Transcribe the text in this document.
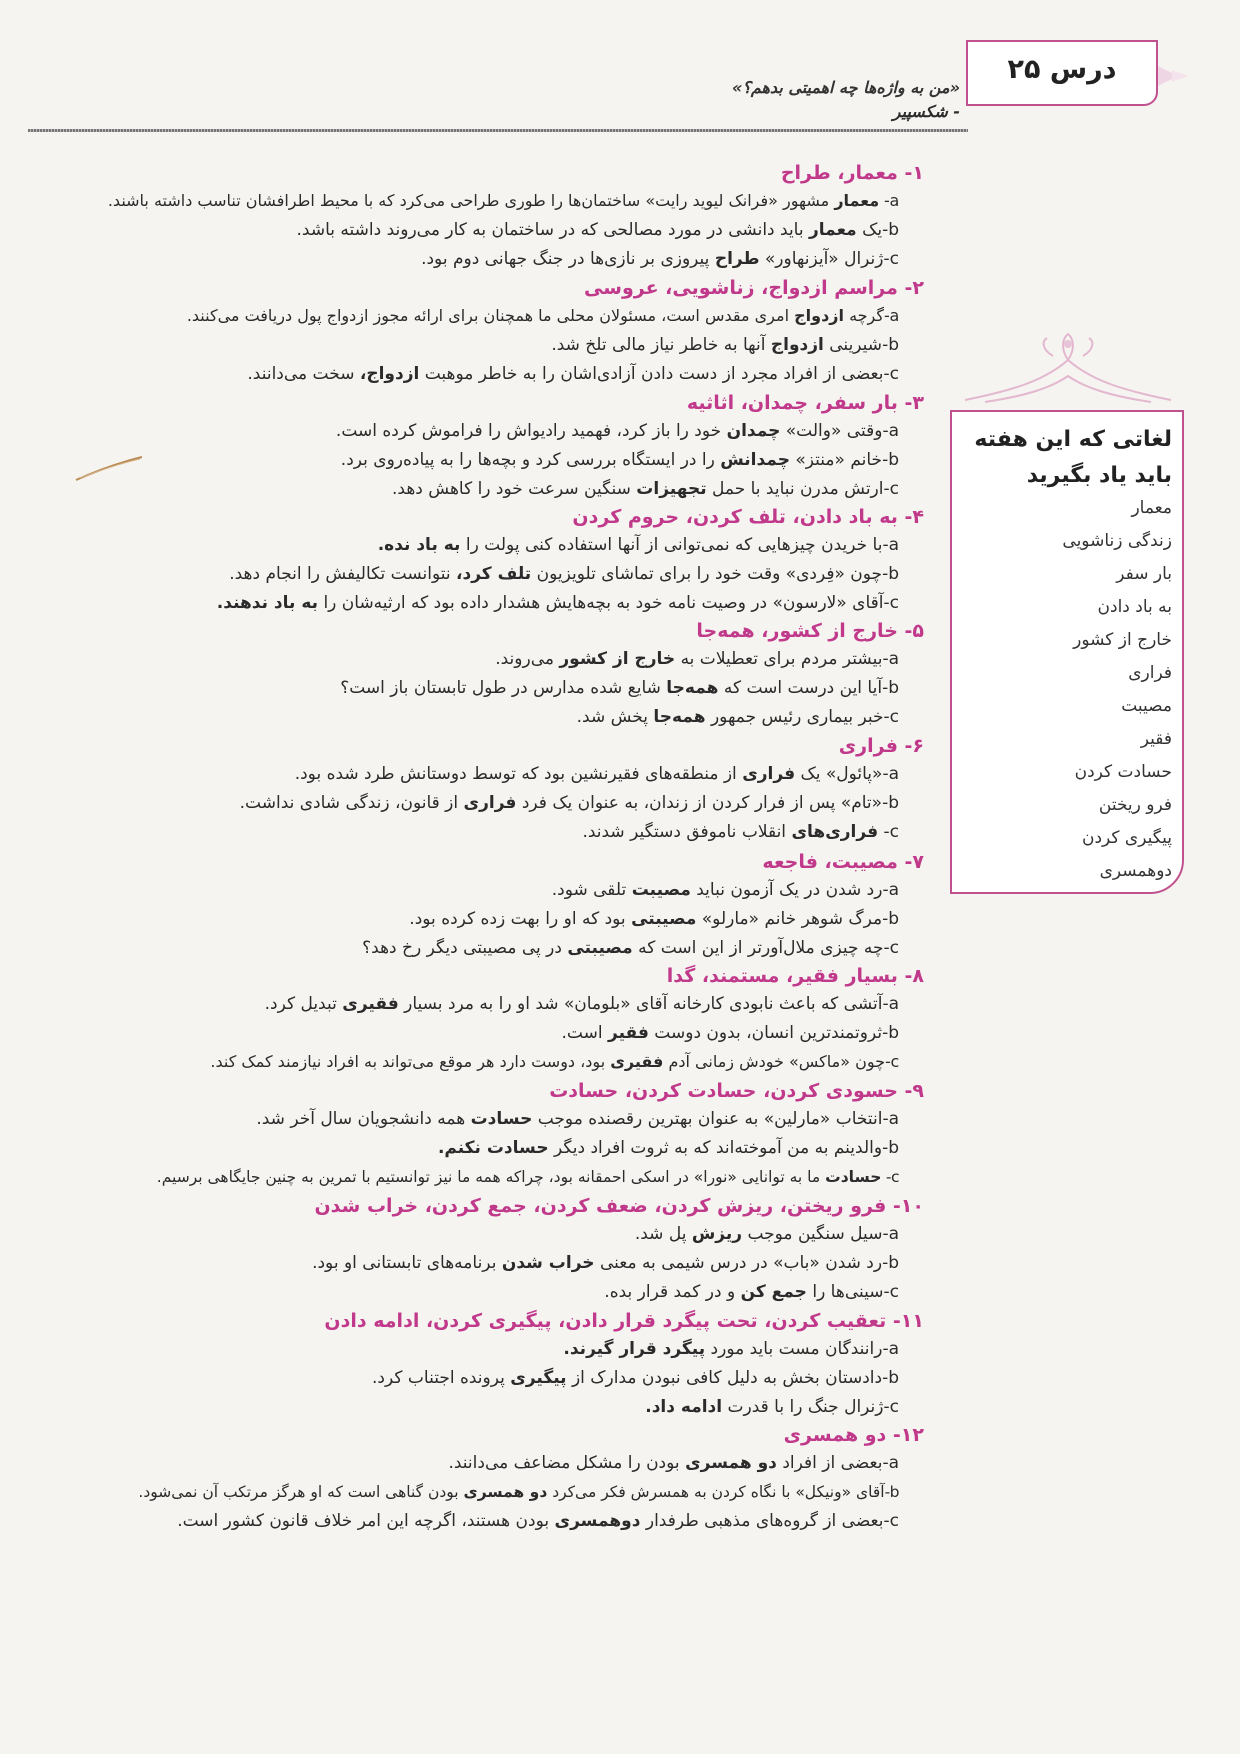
درس ۲۵
«من به واژه‌ها چه اهمیتی بدهم؟»
- شکسپیر
۱- معمار، طراح
a- معمار مشهور «فرانک لیوید رایت» ساختمان‌ها را طوری طراحی می‌کرد که با محیط اطرافشان تناسب داشته باشند.
b-یک معمار باید دانشی در مورد مصالحی که در ساختمان به کار می‌روند داشته باشد.
c-ژنرال «آیزنهاور» طراح پیروزی بر نازی‌ها در جنگ جهانی دوم بود.
۲- مراسم ازدواج، زناشویی، عروسی
a-گرچه ازدواج امری مقدس است، مسئولان محلی ما همچنان برای ارائه مجوز ازدواج پول دریافت می‌کنند.
b-شیرینی ازدواج آنها به خاطر نیاز مالی تلخ شد.
c-بعضی از افراد مجرد از دست دادن آزادی‌اشان را به خاطر موهبت ازدواج، سخت می‌دانند.
۳- بار سفر، چمدان، اثاثیه
a-وقتی «والت» چمدان خود را باز کرد، فهمید رادیواش را فراموش کرده است.
b-خانم «منتز» چمدانش را در ایستگاه بررسی کرد و بچه‌ها را به پیاده‌روی برد.
c-ارتش مدرن نباید با حمل تجهیزات سنگین سرعت خود را کاهش دهد.
۴- به باد دادن، تلف کردن، حروم کردن
a-با خریدن چیزهایی که نمی‌توانی از آنها استفاده کنی پولت را به باد نده.
b-چون «فِردی» وقت خود را برای تماشای تلویزیون تلف کرد، نتوانست تکالیفش را انجام دهد.
c-آقای «لارسون» در وصیت نامه خود به بچه‌هایش هشدار داده بود که ارثیه‌شان را به باد ندهند.
۵- خارج از کشور، همه‌جا
a-بیشتر مردم برای تعطیلات به خارج از کشور می‌روند.
b-آیا این درست است که همه‌جا شایع شده مدارس در طول تابستان باز است؟
c-خبر بیماری رئیس جمهور همه‌جا پخش شد.
۶- فراری
a-«پائول» یک فراری از منطقه‌های فقیرنشین بود که توسط دوستانش طرد شده بود.
b-«تام» پس از فرار کردن از زندان، به عنوان یک فرد فراری از قانون، زندگی شادی نداشت.
c- فراری‌های انقلاب ناموفق دستگیر شدند.
۷- مصیبت، فاجعه
a-رد شدن در یک آزمون نباید مصیبت تلقی شود.
b-مرگ شوهر خانم «مارلو» مصیبتی بود که او را بهت زده کرده بود.
c-چه چیزی ملال‌آورتر از این است که مصیبتی در پی مصیبتی دیگر رخ دهد؟
۸- بسیار فقیر، مستمند، گدا
a-آتشی که باعث نابودی کارخانه آقای «بلومان» شد او را به مرد بسیار فقیری تبدیل کرد.
b-ثروتمندترین انسان، بدون دوست فقیر است.
c-چون «ماکس» خودش زمانی آدم فقیری بود، دوست دارد هر موقع می‌تواند به افراد نیازمند کمک کند.
۹- حسودی کردن، حسادت کردن، حسادت
a-انتخاب «مارلین» به عنوان بهترین رقصنده موجب حسادت همه دانشجویان سال آخر شد.
b-والدینم به من آموخته‌اند که به ثروت افراد دیگر حسادت نکنم.
c- حسادت ما به توانایی «نورا» در اسکی احمقانه بود، چراکه همه ما نیز توانستیم با تمرین به چنین جایگاهی برسیم.
۱۰- فرو ریختن، ریزش کردن، ضعف کردن، جمع کردن، خراب شدن
a-سیل سنگین موجب ریزش پل شد.
b-رد شدن «باب» در درس شیمی به معنی خراب شدن برنامه‌های تابستانی او بود.
c-سینی‌ها را جمع کن و در کمد قرار بده.
۱۱- تعقیب کردن، تحت پیگرد قرار دادن، پیگیری کردن، ادامه دادن
a-رانندگان مست باید مورد پیگرد قرار گیرند.
b-دادستان بخش به دلیل کافی نبودن مدارک از پیگیری پرونده اجتناب کرد.
c-ژنرال جنگ را با قدرت ادامه داد.
۱۲- دو همسری
a-بعضی از افراد دو همسری بودن را مشکل مضاعف می‌دانند.
b-آقای «ونیکل» با نگاه کردن به همسرش فکر می‌کرد دو همسری بودن گناهی است که او هرگز مرتکب آن نمی‌شود.
c-بعضی از گروه‌های مذهبی طرفدار دوهمسری بودن هستند، اگرچه این امر خلاف قانون کشور است.
لغاتی که این هفته باید یاد بگیرید
معمار
زندگی زناشویی
بار سفر
به باد دادن
خارج از کشور
فراری
مصیبت
فقیر
حسادت کردن
فرو ریختن
پیگیری کردن
دوهمسری
